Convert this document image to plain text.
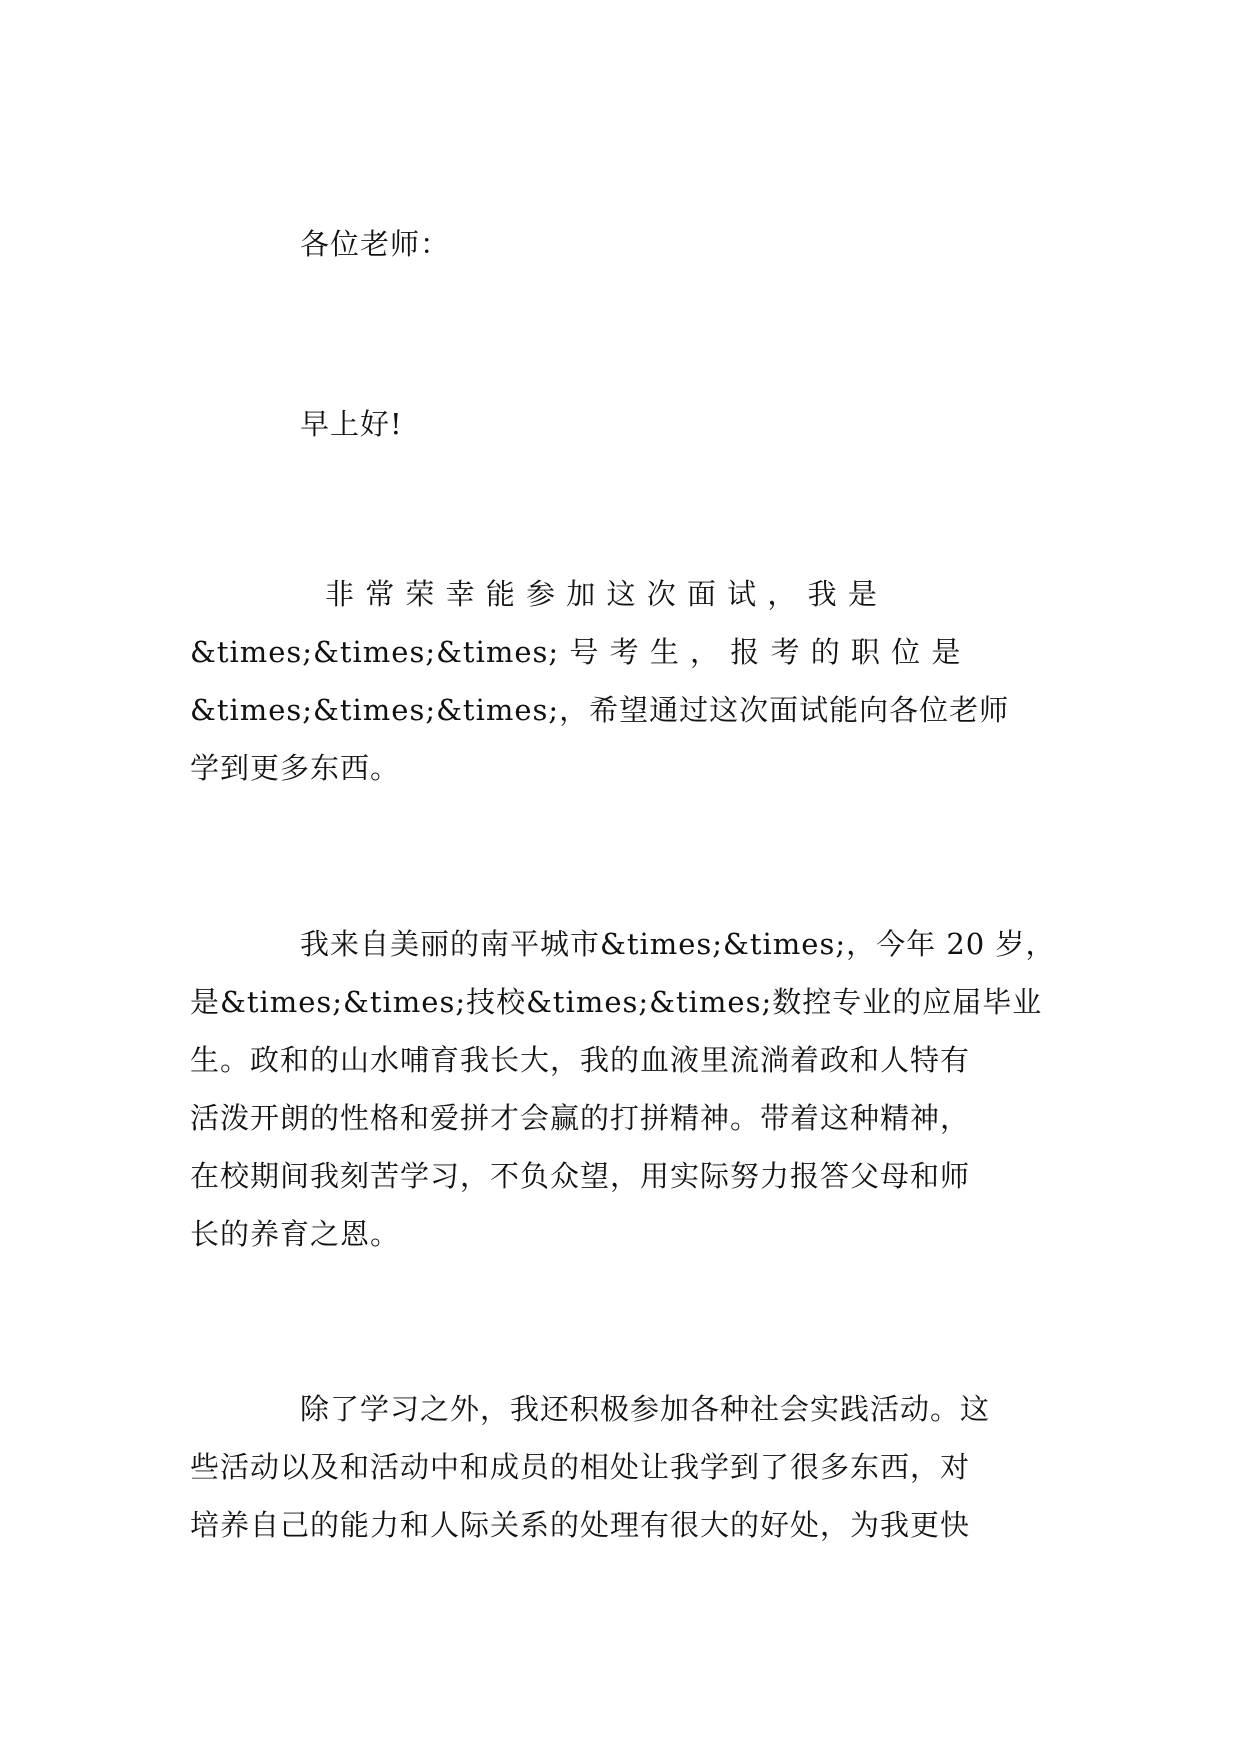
各位老师：

早上好!

非 常 荣 幸 能 参 加 这 次 面 试 ， 我 是
&times;&times;&times; 号 考 生 ， 报 考 的 职 位 是
&times;&times;&times;，希望通过这次面试能向各位老师
学到更多东西。
我来自美丽的南平城市&times;&times;，今年 20 岁，
是&times;&times;技校&times;&times;数控专业的应届毕业
生。政和的山水哺育我长大，我的血液里流淌着政和人特有
活泼开朗的性格和爱拼才会赢的打拼精神。带着这种精神，
在校期间我刻苦学习，不负众望，用实际努力报答父母和师
长的养育之恩。
除了学习之外，我还积极参加各种社会实践活动。这
些活动以及和活动中和成员的相处让我学到了很多东西，对
培养自己的能力和人际关系的处理有很大的好处，为我更快
